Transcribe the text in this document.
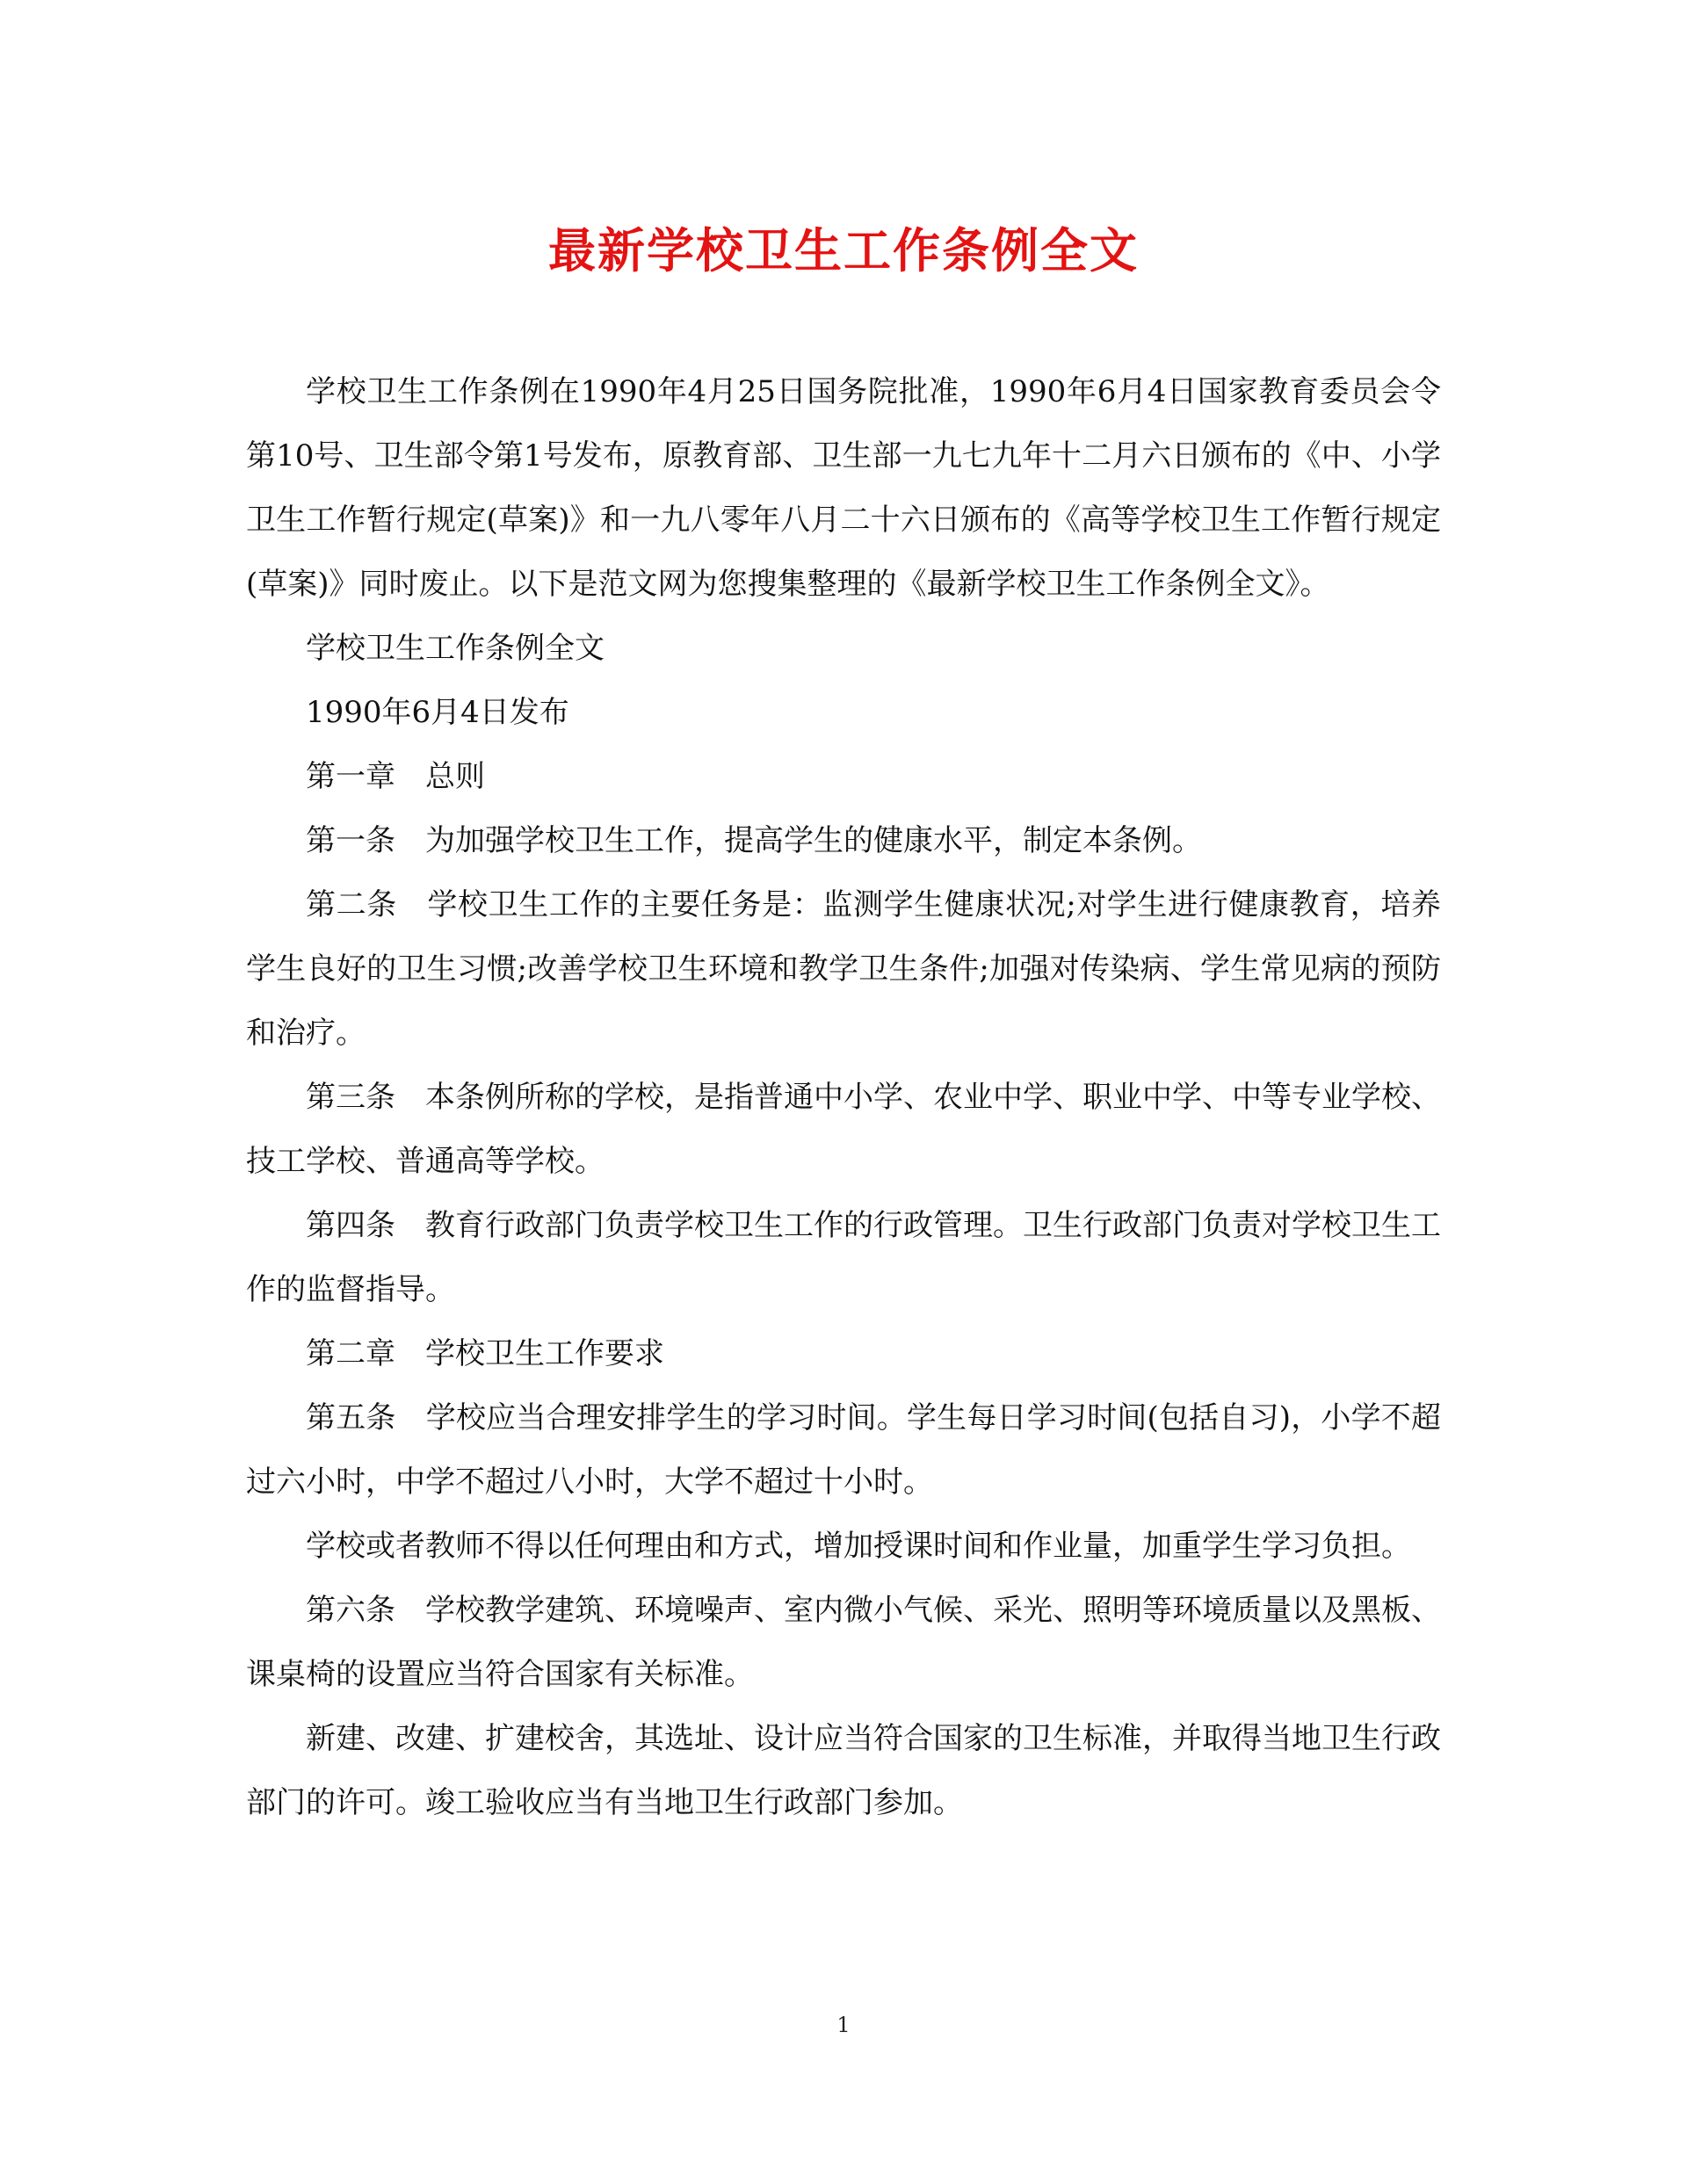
最新学校卫生工作条例全文

学校卫生工作条例在1990年4月25日国务院批准，1990年6月4日国家教育委员会令第10号、卫生部令第1号发布，原教育部、卫生部一九七九年十二月六日颁布的《中、小学卫生工作暂行规定(草案)》和一九八零年八月二十六日颁布的《高等学校卫生工作暂行规定(草案)》同时废止。以下是范文网为您搜集整理的《最新学校卫生工作条例全文》。

学校卫生工作条例全文

1990年6月4日发布

第一章　总则

第一条　为加强学校卫生工作，提高学生的健康水平，制定本条例。

第二条　学校卫生工作的主要任务是：监测学生健康状况;对学生进行健康教育，培养学生良好的卫生习惯;改善学校卫生环境和教学卫生条件;加强对传染病、学生常见病的预防和治疗。

第三条　本条例所称的学校，是指普通中小学、农业中学、职业中学、中等专业学校、技工学校、普通高等学校。

第四条　教育行政部门负责学校卫生工作的行政管理。卫生行政部门负责对学校卫生工作的监督指导。

第二章　学校卫生工作要求

第五条　学校应当合理安排学生的学习时间。学生每日学习时间(包括自习)，小学不超过六小时，中学不超过八小时，大学不超过十小时。

学校或者教师不得以任何理由和方式，增加授课时间和作业量，加重学生学习负担。

第六条　学校教学建筑、环境噪声、室内微小气候、采光、照明等环境质量以及黑板、课桌椅的设置应当符合国家有关标准。

新建、改建、扩建校舍，其选址、设计应当符合国家的卫生标准，并取得当地卫生行政部门的许可。竣工验收应当有当地卫生行政部门参加。

1
